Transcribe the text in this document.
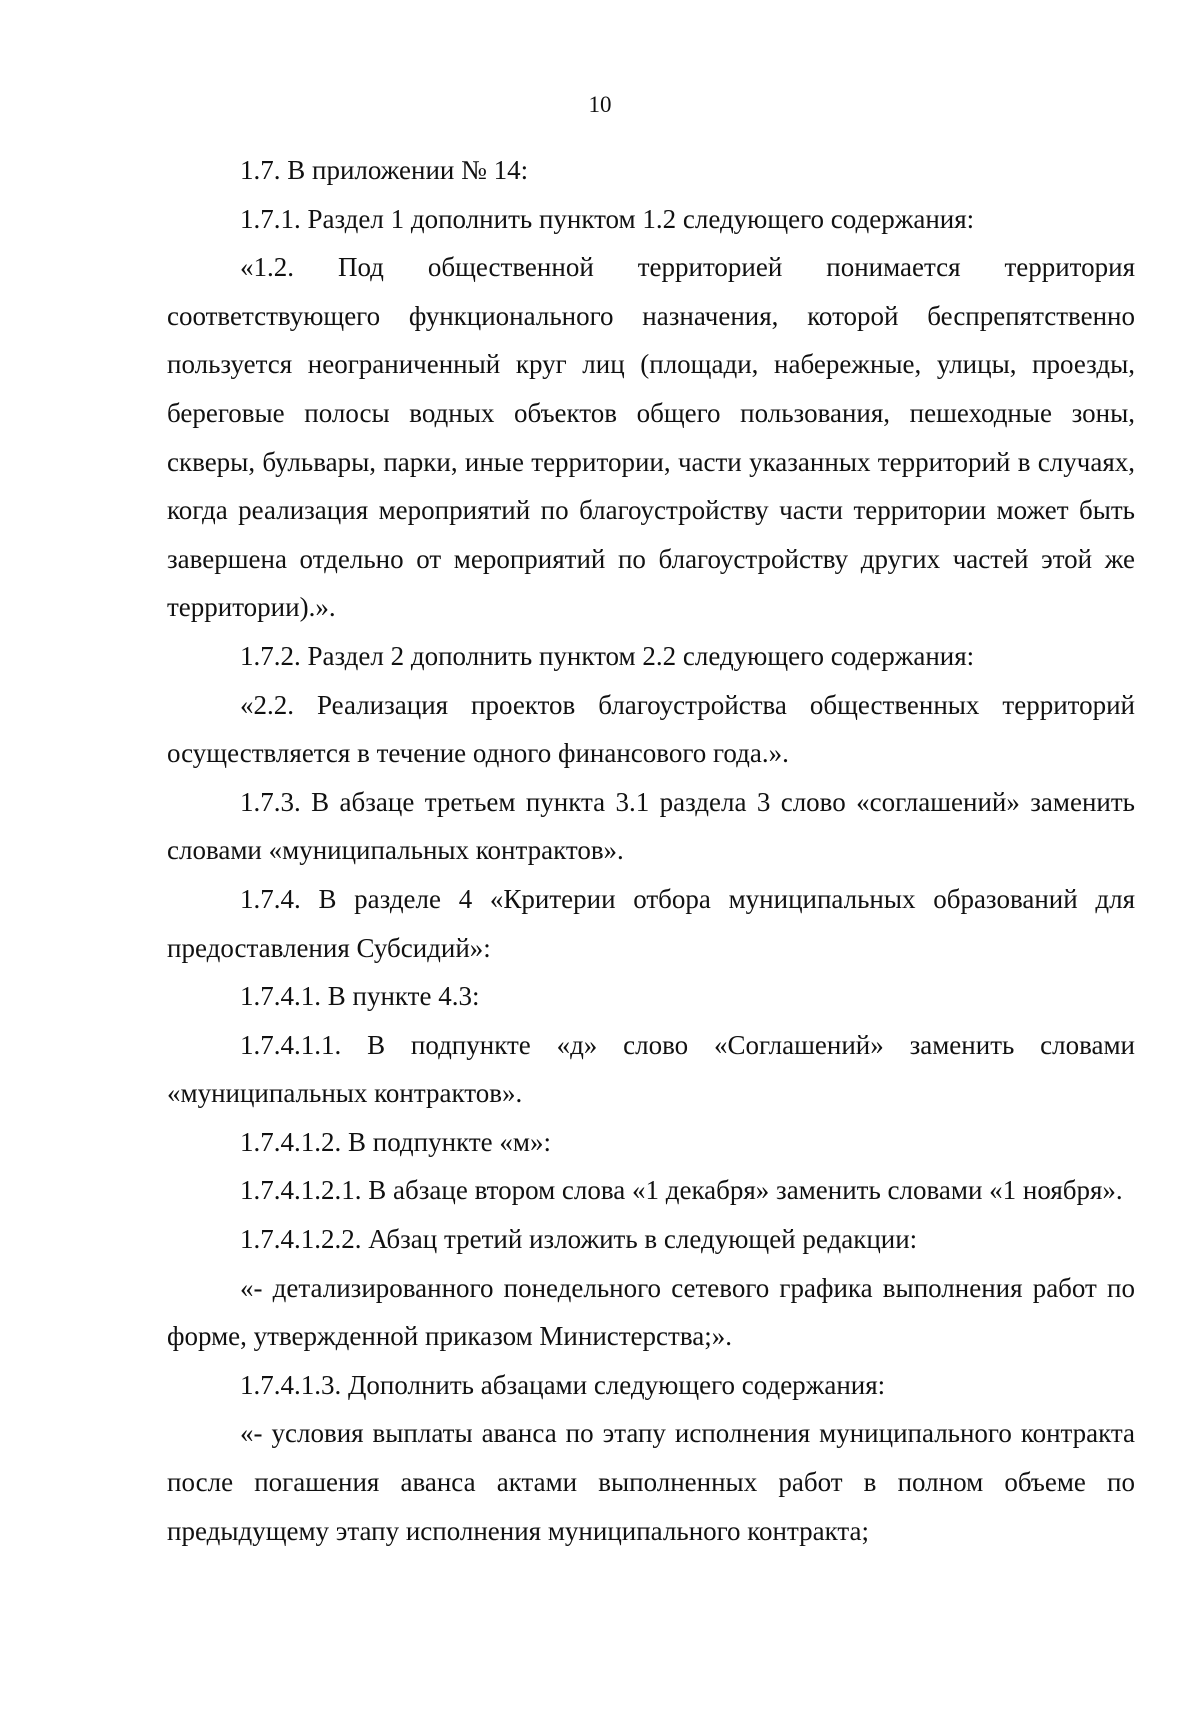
10

1.7. В приложении № 14:

1.7.1. Раздел 1 дополнить пунктом 1.2 следующего содержания:

«1.2. Под общественной территорией понимается территория соответствующего функционального назначения, которой беспрепятственно пользуется неограниченный круг лиц (площади, набережные, улицы, проезды, береговые полосы водных объектов общего пользования, пешеходные зоны, скверы, бульвары, парки, иные территории, части указанных территорий в случаях, когда реализация мероприятий по благоустройству части территории может быть завершена отдельно от мероприятий по благоустройству других частей этой же территории).».

1.7.2. Раздел 2 дополнить пунктом 2.2 следующего содержания:

«2.2. Реализация проектов благоустройства общественных территорий осуществляется в течение одного финансового года.».

1.7.3. В абзаце третьем пункта 3.1 раздела 3 слово «соглашений» заменить словами «муниципальных контрактов».

1.7.4. В разделе 4 «Критерии отбора муниципальных образований для предоставления Субсидий»:

1.7.4.1. В пункте 4.3:

1.7.4.1.1. В подпункте «д» слово «Соглашений» заменить словами «муниципальных контрактов».

1.7.4.1.2. В подпункте «м»:

1.7.4.1.2.1. В абзаце втором слова «1 декабря» заменить словами «1 ноября».

1.7.4.1.2.2. Абзац третий изложить в следующей редакции:

«- детализированного понедельного сетевого графика выполнения работ по форме, утвержденной приказом Министерства;».

1.7.4.1.3. Дополнить абзацами следующего содержания:

«- условия выплаты аванса по этапу исполнения муниципального контракта после погашения аванса актами выполненных работ в полном объеме по предыдущему этапу исполнения муниципального контракта;
